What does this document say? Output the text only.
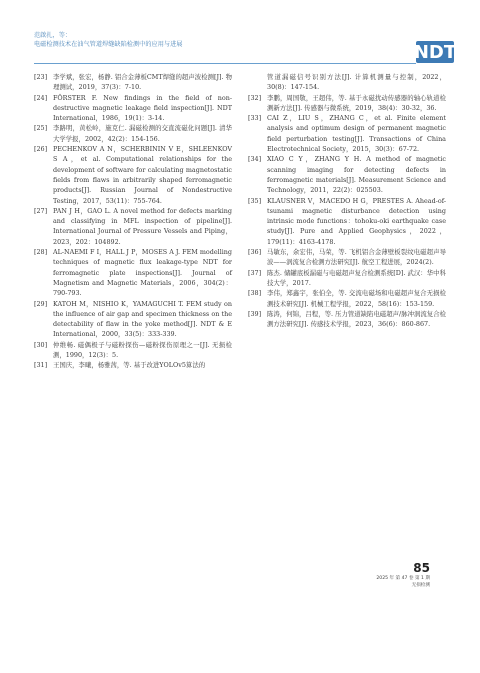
范啟扎，等：
电磁检测技术在油气管道焊缝缺陷检测中的应用与进展	NDT

[23] 李学斌，张宏，杨静. 铝合金薄板CMT焊缝的超声波检测[J]. 物理测试，2019，37(3)：7-10.

[24] FÖRSTER F. New findings in the field of non-destructive magnetic leakage field inspection[J]. NDT International，1986，19(1)：3-14.

[25] 李路明，黄松岭，施克仁. 漏磁检测的交直流磁化问题[J]. 清华大学学报，2002，42(2)：154-156.

[26] PECHENKOV A N，SCHERBININ V E，SHLEENKOV S A，et al. Computational relationships for the development of software for calculating magnetostatic fields from flaws in arbitrarily shaped ferromagnetic products[J]. Russian Journal of Nondestructive Testing，2017，53(11)：755-764.

[27] PAN J H，GAO L. A novel method for defects marking and classifying in MFL inspection of pipeline[J]. International Journal of Pressure Vessels and Piping，2023，202：104892.

[28] AL-NAEMI F I，HALL J P，MOSES A J. FEM modelling techniques of magnetic flux leakage-type NDT for ferromagnetic plate inspections[J]. Journal of Magnetism and Magnetic Materials，2006，304(2)：790-793.

[29] KATOH M，NISHIO K，YAMAGUCHI T. FEM study on the influence of air gap and specimen thickness on the detectability of flaw in the yoke method[J]. NDT & E International，2000，33(5)：333-339.

[30] 仲维畅. 磁偶极子与磁粉探伤—磁粉探伤原理之一[J]. 无损检测，1990，12(3)：5.

[31] 王国庆，李曦，杨雅茜，等. 基于改进YOLOv5算法的

管道漏磁信号识别方法[J]. 计算机测量与控制，2022，30(8)：147-154.

[32] 李鹏，周国敬，王超伟，等. 基于永磁扰动传感器的轴心轨道检测新方法[J]. 传感器与微系统，2019，38(4)：30-32，36.

[33] CAI Z，LIU S，ZHANG C，et al. Finite element analysis and optimum design of permanent magnetic field perturbation testing[J]. Transactions of China Electrotechnical Society，2015，30(3)：67-72.

[34] XIAO C Y，ZHANG Y H. A method of magnetic scanning imaging for detecting defects in ferromagnetic materials[J]. Measurement Science and Technology，2011，22(2)：025503.

[35] KLAUSNER V，MACEDO H G，PRESTES A. Ahead-of-tsunami magnetic disturbance detection using intrinsic mode functions：tohoku-oki earthquake case study[J]. Pure and Applied Geophysics，2022，179(11)：4163-4178.

[36] 马敏东，余宏伟，马荣，等. 飞机铝合金薄壁板裂纹电磁超声导波——涡流复合检测方法研究[J]. 航空工程进展，2024(2).

[37] 陈杰. 储罐底板漏磁与电磁超声复合检测系统[D]. 武汉：华中科技大学，2017.

[38] 李伟，郑鑫宇，张伯全，等. 交流电磁场和电磁超声复合无损检测技术研究[J]. 机械工程学报，2022，58(16)：153-159.

[39] 陈涛，何锦，吕程，等. 压力管道缺陷电磁超声/脉冲涡流复合检测方法研究[J]. 传感技术学报，2023，36(6)：860-867.

85
2025 年 第 47 卷 第 1 期
无损检测
